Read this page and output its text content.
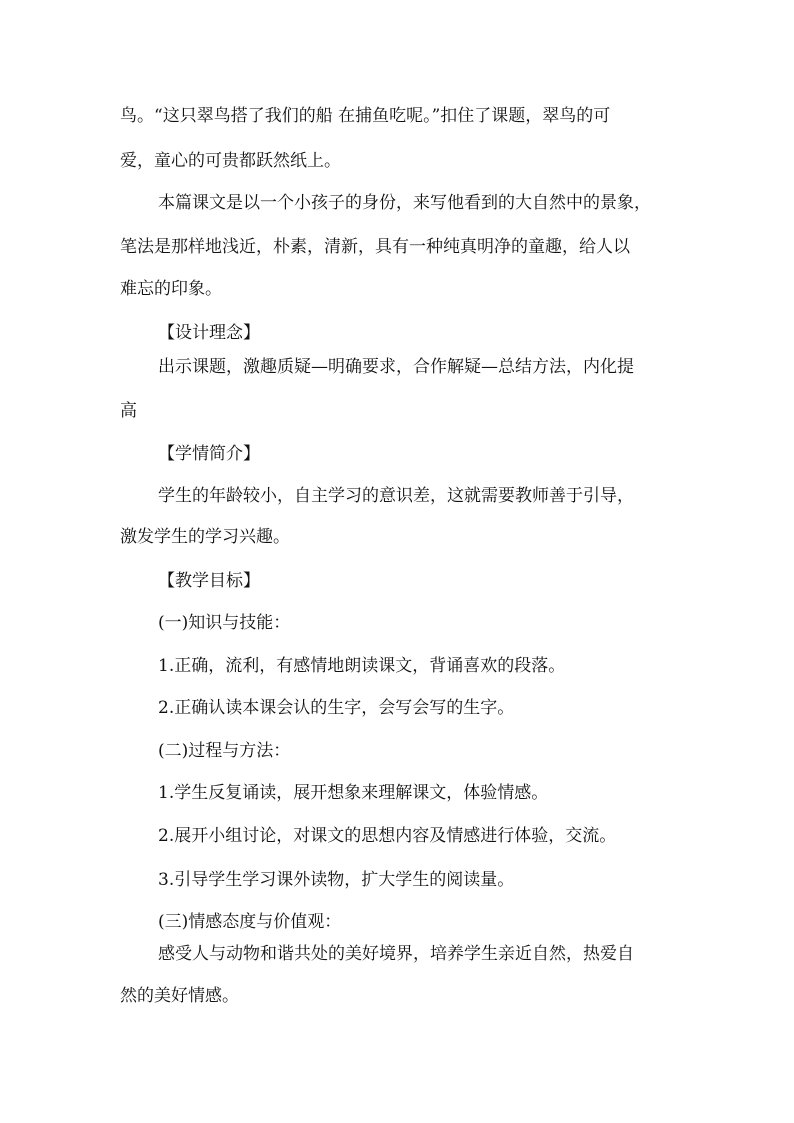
鸟。“这只翠鸟搭了我们的船 在捕鱼吃呢。”扣住了课题，翠鸟的可
爱，童心的可贵都跃然纸上。
本篇课文是以一个小孩子的身份，来写他看到的大自然中的景象，
笔法是那样地浅近，朴素，清新，具有一种纯真明净的童趣，给人以
难忘的印象。
【设计理念】
出示课题，激趣质疑—明确要求，合作解疑—总结方法，内化提
高
【学情简介】
学生的年龄较小，自主学习的意识差，这就需要教师善于引导，
激发学生的学习兴趣。
【教学目标】
(一)知识与技能：
1.正确，流利，有感情地朗读课文，背诵喜欢的段落。
2.正确认读本课会认的生字，会写会写的生字。
(二)过程与方法：
1.学生反复诵读，展开想象来理解课文，体验情感。
2.展开小组讨论，对课文的思想内容及情感进行体验，交流。
3.引导学生学习课外读物，扩大学生的阅读量。
(三)情感态度与价值观：
感受人与动物和谐共处的美好境界，培养学生亲近自然，热爱自
然的美好情感。
